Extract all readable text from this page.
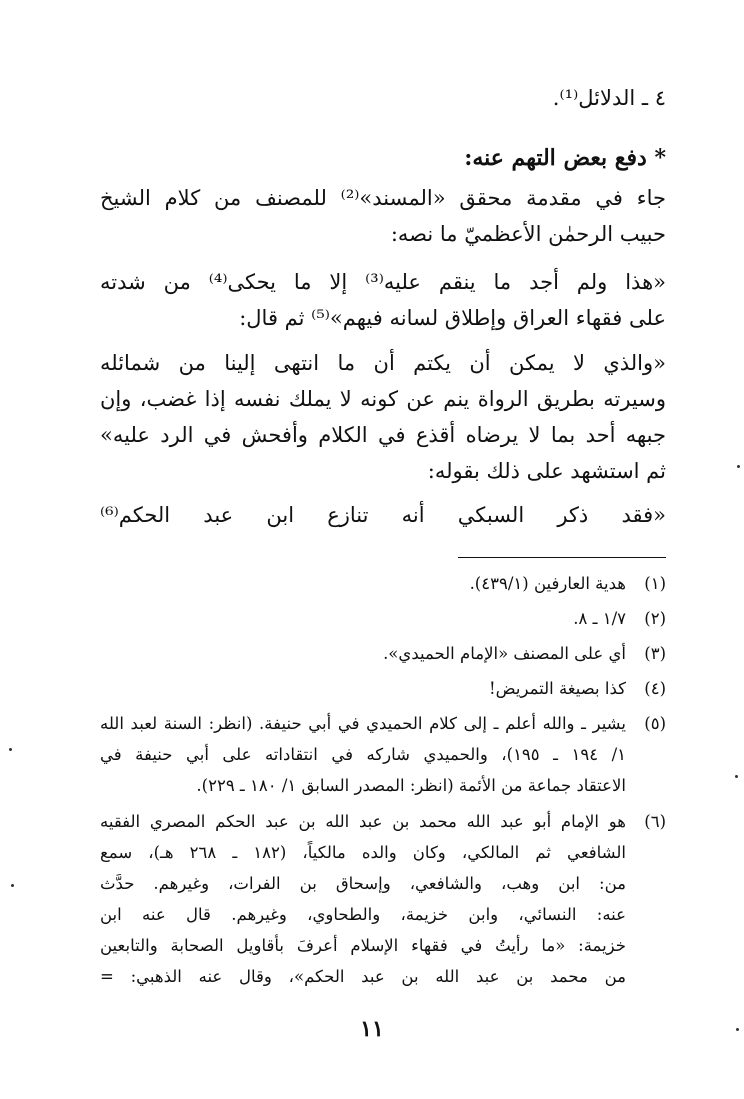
٤ ـ الدلائل⁽¹⁾.
* دفع بعض التهم عنه:
جاء في مقدمة محقق «المسند»⁽²⁾ للمصنف من كلام الشيخ
حبيب الرحمٰن الأعظميّ ما نصه:
«هذا ولم أجد ما ينقم عليه⁽³⁾ إلا ما يحكى⁽⁴⁾ من شدته
على فقهاء العراق وإطلاق لسانه فيهم»⁽⁵⁾ ثم قال:
«والذي لا يمكن أن يكتم أن ما انتهى إلينا من شمائله
وسيرته بطريق الرواة ينم عن كونه لا يملك نفسه إذا غضب، وإن
جبهه أحد بما لا يرضاه أقذع في الكلام وأفحش في الرد عليه»
ثم استشهد على ذلك بقوله:
«فقد ذكر السبكي أنه تنازع ابن عبد الحكم⁽⁶⁾
(١)
هدية العارفين (٤٣٩/١).
(٢)
١/٧ ـ ٨.
(٣)
أي على المصنف «الإمام الحميدي».
(٤)
كذا بصيغة التمريض!
(٥)
يشير ـ والله أعلم ـ إلى كلام الحميدي في أبي حنيفة. (انظر: السنة لعبد الله
١/ ١٩٤ ـ ١٩٥)، والحميدي شاركه في انتقاداته على أبي حنيفة في
الاعتقاد جماعة من الأئمة (انظر: المصدر السابق ١/ ١٨٠ ـ ٢٢٩).
(٦)
هو الإمام أبو عبد الله محمد بن عبد الله بن عبد الحكم المصري الفقيه
الشافعي ثم المالكي، وكان والده مالكياً، (١٨٢ ـ ٢٦٨ هـ)، سمع
من: ابن وهب، والشافعي، وإسحاق بن الفرات، وغيرهم. حدَّث
عنه: النسائي، وابن خزيمة، والطحاوي، وغيرهم. قال عنه ابن
خزيمة: «ما رأيتُ في فقهاء الإسلام أعرفَ بأقاويل الصحابة والتابعين
من محمد بن عبد الله بن عبد الحكم»، وقال عنه الذهبي: =
١١
